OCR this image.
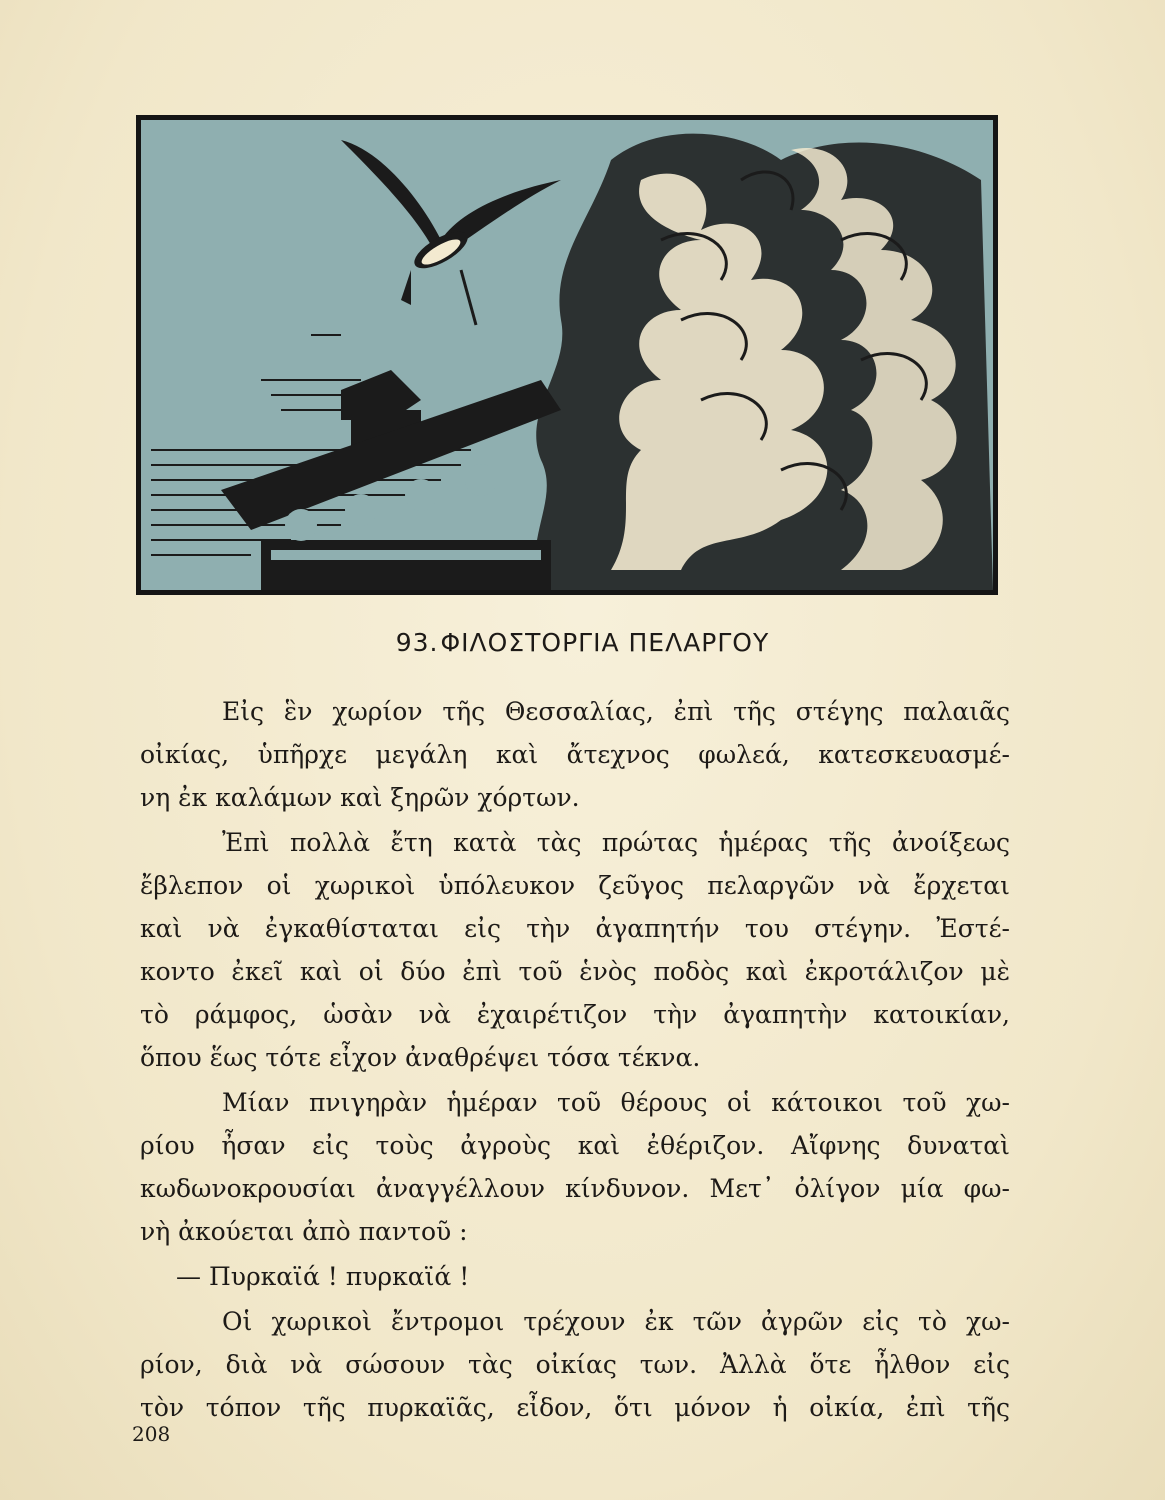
93.ΦΙΛΟΣΤΟΡΓΙΑ ΠΕΛΑΡΓΟΥ

Εἰς ἓν χωρίον τῆς Θεσσαλίας, ἐπὶ τῆς στέγης παλαιᾶς
οἰκίας, ὑπῆρχε μεγάλη καὶ ἄτεχνος φωλεά, κατεσκευασμέ-
νη ἐκ καλάμων καὶ ξηρῶν χόρτων.

Ἐπὶ πολλὰ ἔτη κατὰ τὰς πρώτας ἡμέρας τῆς ἀνοίξεως
ἔβλεπον οἱ χωρικοὶ ὑπόλευκον ζεῦγος πελαργῶν νὰ ἔρχεται
καὶ νὰ ἐγκαθίσταται εἰς τὴν ἀγαπητήν του στέγην. Ἐστέ-
κοντο ἐκεῖ καὶ οἱ δύο ἐπὶ τοῦ ἑνὸς ποδὸς καὶ ἐκροτάλιζον μὲ
τὸ ράμφος, ὡσὰν νὰ ἐχαιρέτιζον τὴν ἀγαπητὴν κατοικίαν,
ὅπου ἕως τότε εἶχον ἀναθρέψει τόσα τέκνα.

Μίαν πνιγηρὰν ἡμέραν τοῦ θέρους οἱ κάτοικοι τοῦ χω-
ρίου ἦσαν εἰς τοὺς ἀγροὺς καὶ ἐθέριζον. Αἴφνης δυναταὶ
κωδωνοκρουσίαι ἀναγγέλλουν κίνδυνον. Μετ᾽ ὀλίγον μία φω-
νὴ ἀκούεται ἀπὸ παντοῦ :

— Πυρκαϊά ! πυρκαϊά !

Οἱ χωρικοὶ ἔντρομοι τρέχουν ἐκ τῶν ἀγρῶν εἰς τὸ χω-
ρίον, διὰ νὰ σώσουν τὰς οἰκίας των. Ἀλλὰ ὅτε ἦλθον εἰς
τὸν τόπον τῆς πυρκαϊᾶς, εἶδον, ὅτι μόνον ἡ οἰκία, ἐπὶ τῆς

208
